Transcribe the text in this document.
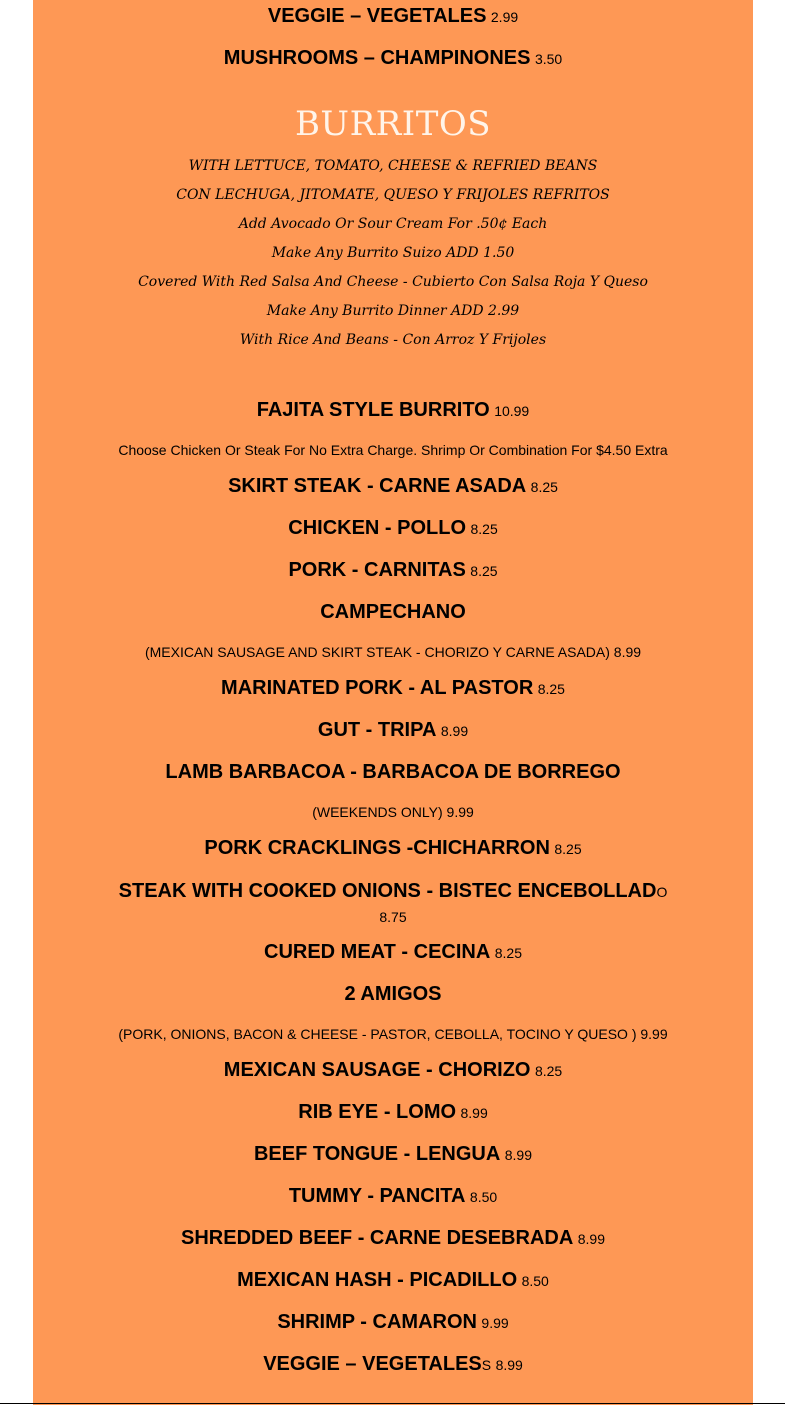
VEGGIE – VEGETALES 2.99
MUSHROOMS – CHAMPINONES 3.50
BURRITOS
WITH LETTUCE, TOMATO, CHEESE & REFRIED BEANS
CON LECHUGA, JITOMATE, QUESO Y FRIJOLES REFRITOS
Add Avocado Or Sour Cream For .50¢ Each
Make Any Burrito Suizo ADD 1.50
Covered With Red Salsa And Cheese - Cubierto Con Salsa Roja Y Queso
Make Any Burrito Dinner ADD 2.99
With Rice And Beans - Con Arroz Y Frijoles
FAJITA STYLE BURRITO 10.99
Choose Chicken Or Steak For No Extra Charge. Shrimp Or Combination For $4.50 Extra
SKIRT STEAK - CARNE ASADA 8.25
CHICKEN - POLLO 8.25
PORK - CARNITAS 8.25
CAMPECHANO
(MEXICAN SAUSAGE AND SKIRT STEAK - CHORIZO Y CARNE ASADA) 8.99
MARINATED PORK - AL PASTOR 8.25
GUT - TRIPA 8.99
LAMB BARBACOA - BARBACOA DE BORREGO
(WEEKENDS ONLY) 9.99
PORK CRACKLINGS -CHICHARRON 8.25
STEAK WITH COOKED ONIONS - BISTEC ENCEBOLLADO 8.75
CURED MEAT - CECINA 8.25
2 AMIGOS
(PORK, ONIONS, BACON & CHEESE - PASTOR, CEBOLLA, TOCINO Y QUESO ) 9.99
MEXICAN SAUSAGE - CHORIZO 8.25
RIB EYE - LOMO 8.99
BEEF TONGUE - LENGUA 8.99
TUMMY - PANCITA 8.50
SHREDDED BEEF - CARNE DESEBRADA 8.99
MEXICAN HASH - PICADILLO 8.50
SHRIMP - CAMARON 9.99
VEGGIE – VEGETALESS 8.99
